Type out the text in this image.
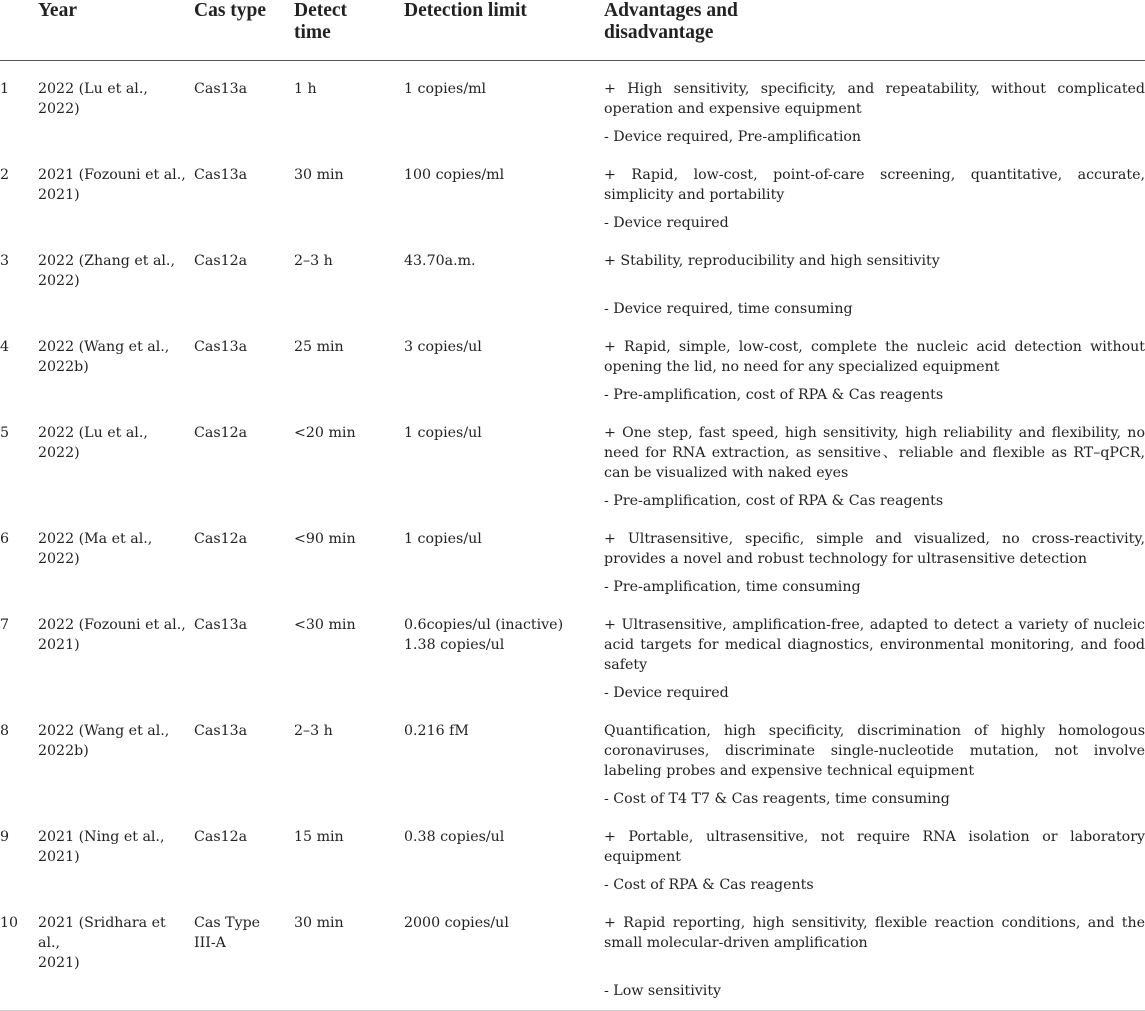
	Year	Cas type	Detect
time	Detection limit	Advantages and
disadvantage

1	2022 (Lu et al.,
2022)	Cas13a	1 h	1 copies/ml	+ High sensitivity, specificity, and repeatability, without complicated operation and expensive equipment
					- Device required, Pre-amplification
2	2021 (Fozouni et al.,
2021)	Cas13a	30 min	100 copies/ml	+ Rapid, low-cost, point-of-care screening, quantitative, accurate, simplicity and portability
					- Device required
3	2022 (Zhang et al.,
2022)	Cas12a	2–3 h	43.70a.m.	+ Stability, reproducibility and high sensitivity
					- Device required, time consuming
4	2022 (Wang et al.,
2022b)	Cas13a	25 min	3 copies/ul	+ Rapid, simple, low-cost, complete the nucleic acid detection without opening the lid, no need for any specialized equipment
					- Pre-amplification, cost of RPA & Cas reagents
5	2022 (Lu et al.,
2022)	Cas12a	<20 min	1 copies/ul	+ One step, fast speed, high sensitivity, high reliability and flexibility, no need for RNA extraction, as sensitive、reliable and flexible as RT–qPCR, can be visualized with naked eyes
					- Pre-amplification, cost of RPA & Cas reagents
6	2022 (Ma et al.,
2022)	Cas12a	<90 min	1 copies/ul	+ Ultrasensitive, specific, simple and visualized, no cross-reactivity, provides a novel and robust technology for ultrasensitive detection
					- Pre-amplification, time consuming
7	2022 (Fozouni et al.,
2021)	Cas13a	<30 min	0.6copies/ul (inactive)
1.38 copies/ul	+ Ultrasensitive, amplification-free, adapted to detect a variety of nucleic acid targets for medical diagnostics, environmental monitoring, and food safety
					- Device required
8	2022 (Wang et al.,
2022b)	Cas13a	2–3 h	0.216 fM	Quantification, high specificity, discrimination of highly homologous coronaviruses, discriminate single-nucleotide mutation, not involve labeling probes and expensive technical equipment
					- Cost of T4 T7 & Cas reagents, time consuming
9	2021 (Ning et al.,
2021)	Cas12a	15 min	0.38 copies/ul	+ Portable, ultrasensitive, not require RNA isolation or laboratory equipment
					- Cost of RPA & Cas reagents
10	2021 (Sridhara et al.,
2021)	Cas Type
III-A	30 min	2000 copies/ul	+ Rapid reporting, high sensitivity, flexible reaction conditions, and the small molecular-driven amplification
					- Low sensitivity
